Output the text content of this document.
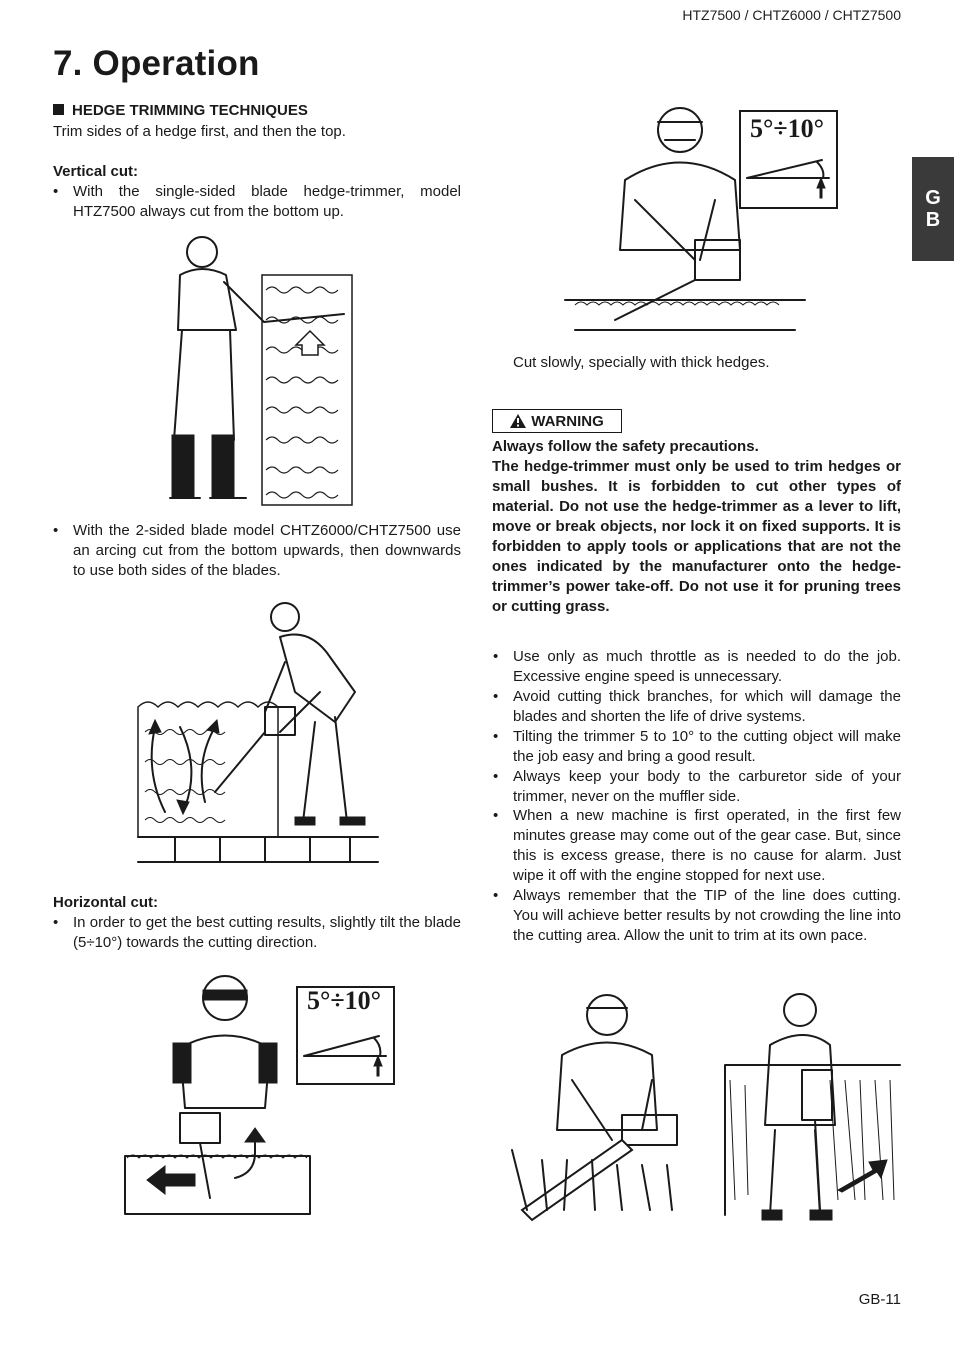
HTZ7500 / CHTZ6000 / CHTZ7500
7. Operation
G
B
HEDGE TRIMMING TECHNIQUES
Trim sides of a hedge first, and then the top.
Vertical cut:
• With the single-sided blade hedge-trimmer, model HTZ7500 always cut from the bottom up.
• With the 2-sided blade model CHTZ6000/CHTZ7500 use an arcing cut from the bottom upwards, then downwards to use both sides of the blades.
Horizontal cut:
• In order to get the best cutting results, slightly tilt the blade (5÷10°) towards the cutting direction.
5°÷10°
5°÷10°
Cut slowly, specially with thick hedges.
WARNING
Always follow the safety precautions.
The hedge-trimmer must only be used to trim hedges or small bushes. It is forbidden to cut other types of material. Do not use the hedge-trimmer as a lever to lift, move or break objects, nor lock it on fixed supports. It is forbidden to apply tools or applications that are not the ones indicated by the manufacturer onto the hedge-trimmer’s power take-off. Do not use it for pruning trees or cutting grass.
• Use only as much throttle as is needed to do the job. Excessive engine speed is unnecessary.
• Avoid cutting thick branches, for which will damage the blades and shorten the life of drive systems.
• Tilting the trimmer 5 to 10° to the cutting object will make the job easy and bring a good result.
• Always keep your body to the carburetor side of your trimmer, never on the muffler side.
• When a new machine is first operated, in the first few minutes grease may come out of the gear case. But, since this is excess grease, there is no cause for alarm. Just wipe it off with the engine stopped for next use.
• Always remember that the TIP of the line does cutting. You will achieve better results by not crowding the line into the cutting area. Allow the unit to trim at its own pace.
GB-11
